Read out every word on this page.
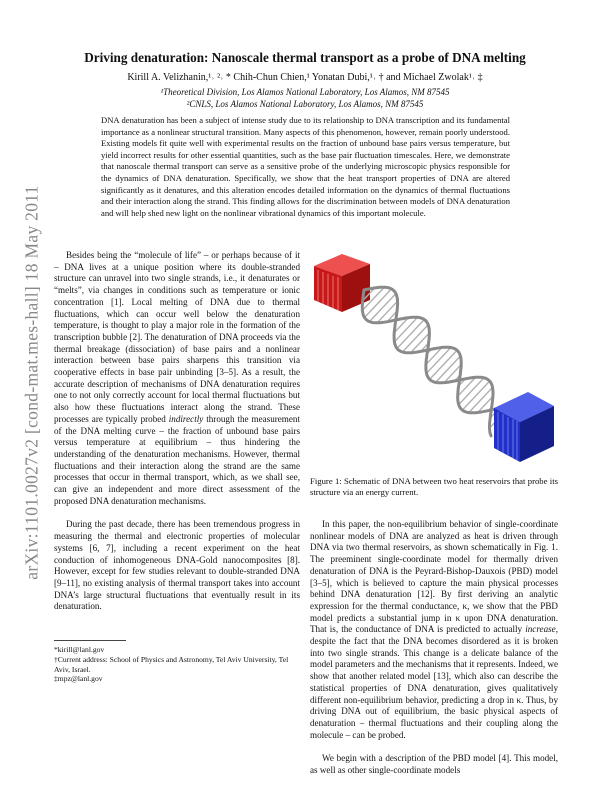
arXiv:1101.0027v2 [cond-mat.mes-hall] 18 May 2011
Driving denaturation: Nanoscale thermal transport as a probe of DNA melting
Kirill A. Velizhanin,¹˒ ²˒ * Chih-Chun Chien,¹ Yonatan Dubi,¹˒ † and Michael Zwolak¹˒ ‡
¹Theoretical Division, Los Alamos National Laboratory, Los Alamos, NM 87545
²CNLS, Los Alamos National Laboratory, Los Alamos, NM 87545
DNA denaturation has been a subject of intense study due to its relationship to DNA transcription and its fundamental importance as a nonlinear structural transition. Many aspects of this phenomenon, however, remain poorly understood. Existing models fit quite well with experimental results on the fraction of unbound base pairs versus temperature, but yield incorrect results for other essential quantities, such as the base pair fluctuation timescales. Here, we demonstrate that nanoscale thermal transport can serve as a sensitive probe of the underlying microscopic physics responsible for the dynamics of DNA denaturation. Specifically, we show that the heat transport properties of DNA are altered significantly as it denatures, and this alteration encodes detailed information on the dynamics of thermal fluctuations and their interaction along the strand. This finding allows for the discrimination between models of DNA denaturation and will help shed new light on the nonlinear vibrational dynamics of this important molecule.

Besides being the “molecule of life” – or perhaps because of it – DNA lives at a unique position where its double-stranded structure can unravel into two single strands, i.e., it denaturates or “melts”, via changes in conditions such as temperature or ionic concentration [1]. Local melting of DNA due to thermal fluctuations, which can occur well below the denaturation temperature, is thought to play a major role in the formation of the transcription bubble [2]. The denaturation of DNA proceeds via the thermal breakage (dissociation) of base pairs and a nonlinear interaction between base pairs sharpens this transition via cooperative effects in base pair unbinding [3–5]. As a result, the accurate description of mechanisms of DNA denaturation requires one to not only correctly account for local thermal fluctuations but also how these fluctuations interact along the strand. These processes are typically probed indirectly through the measurement of the DNA melting curve – the fraction of unbound base pairs versus temperature at equilibrium – thus hindering the understanding of the denaturation mechanisms. However, thermal fluctuations and their interaction along the strand are the same processes that occur in thermal transport, which, as we shall see, can give an independent and more direct assessment of the proposed DNA denaturation mechanisms.

During the past decade, there has been tremendous progress in measuring the thermal and electronic properties of molecular systems [6, 7], including a recent experiment on the heat conduction of inhomogeneous DNA-Gold nanocomposites [8]. However, except for few studies relevant to double-stranded DNA [9–11], no existing analysis of thermal transport takes into account DNA’s large structural fluctuations that eventually result in its denaturation.

*kirill@lanl.gov

†Current address: School of Physics and Astronomy, Tel Aviv University, Tel Aviv, Israel.

‡mpz@lanl.gov

Figure 1: Schematic of DNA between two heat reservoirs that probe its structure via an energy current.

In this paper, the non-equilibrium behavior of single-coordinate nonlinear models of DNA are analyzed as heat is driven through DNA via two thermal reservoirs, as shown schematically in Fig. 1. The preeminent single-coordinate model for thermally driven denaturation of DNA is the Peyrard-Bishop-Dauxois (PBD) model [3–5], which is believed to capture the main physical processes behind DNA denaturation [12]. By first deriving an analytic expression for the thermal conductance, κ, we show that the PBD model predicts a substantial jump in κ upon DNA denaturation. That is, the conductance of DNA is predicted to actually increase, despite the fact that the DNA becomes disordered as it is broken into two single strands. This change is a delicate balance of the model parameters and the mechanisms that it represents. Indeed, we show that another related model [13], which also can describe the statistical properties of DNA denaturation, gives qualitatively different non-equilibrium behavior, predicting a drop in κ. Thus, by driving DNA out of equilibrium, the basic physical aspects of denaturation – thermal fluctuations and their coupling along the molecule – can be probed.

We begin with a description of the PBD model [4]. This model, as well as other single-coordinate models
